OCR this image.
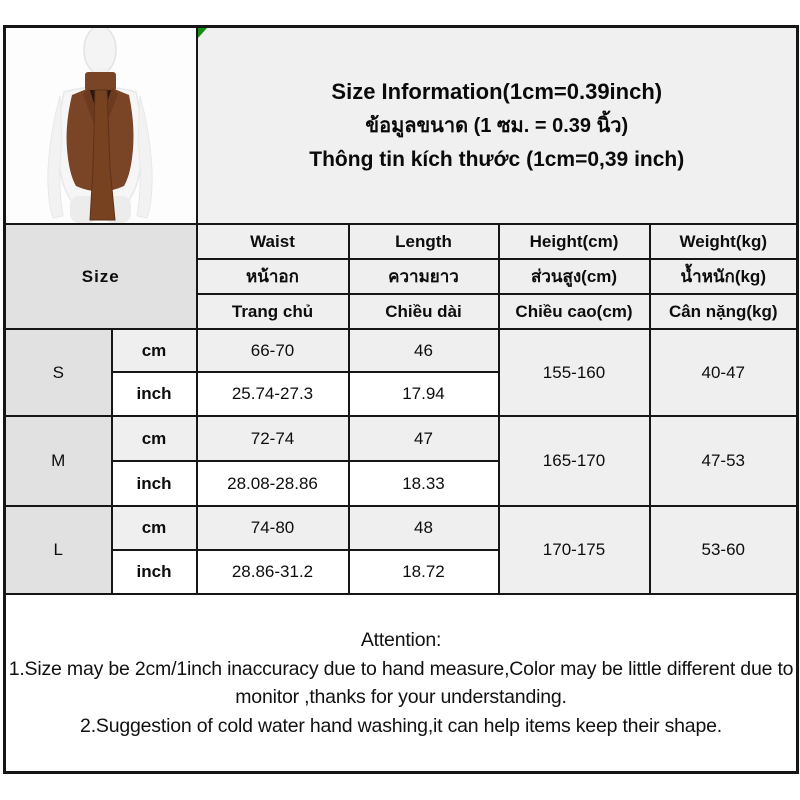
Size Information(1cm=0.39inch)
ข้อมูลขนาด (1 ซม. = 0.39 นิ้ว)
Thông tin kích thước (1cm=0,39 inch)			

Size		Waist	Length	Height(cm)	Weight(kg)
		หน้าอก	ความยาว	ส่วนสูง(cm)	น้ำหนัก(kg)
		Trang chủ	Chiều dài	Chiều cao(cm)	Cân nặng(kg)
S	cm	66-70	46	155-160	40-47
	inch	25.74-27.3	17.94		
M	cm	72-74	47	165-170	47-53
	inch	28.08-28.86	18.33		
L	cm	74-80	48	170-175	53-60
	inch	28.86-31.2	18.72		

Attention:
1.Size may be 2cm/1inch inaccuracy due to hand measure,Color may be little different due to monitor ,thanks for your understanding.
2.Suggestion of cold water hand washing,it can help items keep their shape.					
